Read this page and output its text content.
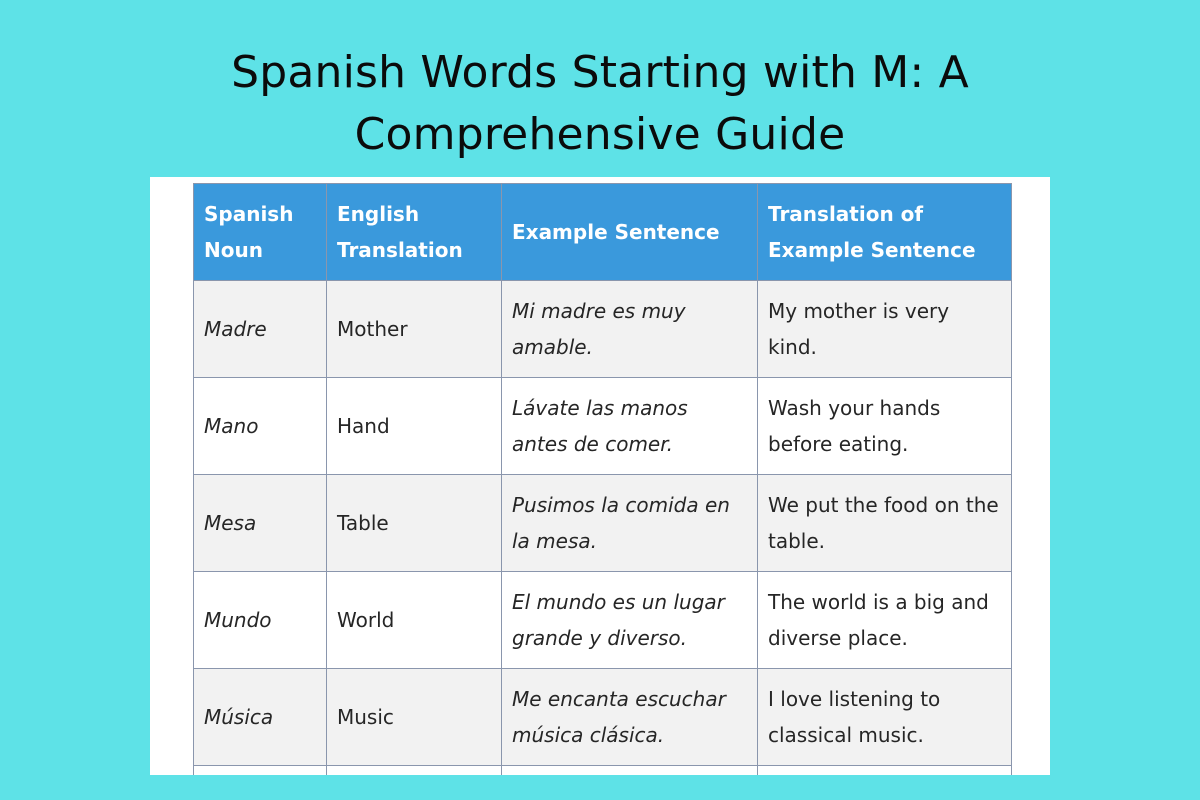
Spanish Words Starting with M: A
Comprehensive Guide
Spanish Noun	English Translation	Example Sentence	Translation of Example Sentence
Madre	Mother	Mi madre es muy amable.	My mother is very kind.
Mano	Hand	Lávate las manos antes de comer.	Wash your hands before eating.
Mesa	Table	Pusimos la comida en la mesa.	We put the food on the table.
Mundo	World	El mundo es un lugar grande y diverso.	The world is a big and diverse place.
Música	Music	Me encanta escuchar música clásica.	I love listening to classical music.
